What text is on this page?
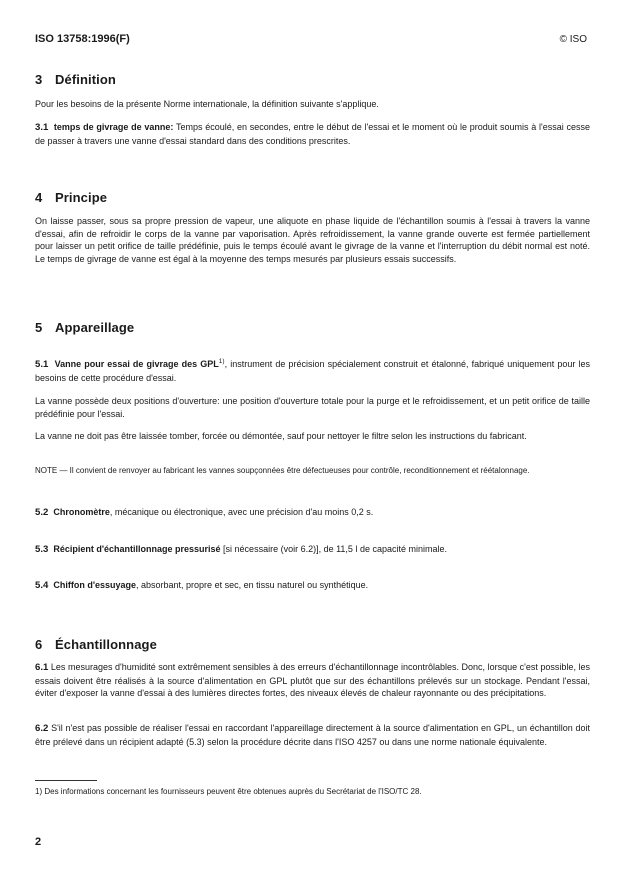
ISO 13758:1996(F)	© ISO
3 Définition
Pour les besoins de la présente Norme internationale, la définition suivante s'applique.
3.1 temps de givrage de vanne: Temps écoulé, en secondes, entre le début de l'essai et le moment où le produit soumis à l'essai cesse de passer à travers une vanne d'essai standard dans des conditions prescrites.
4 Principe
On laisse passer, sous sa propre pression de vapeur, une aliquote en phase liquide de l'échantillon soumis à l'essai à travers la vanne d'essai, afin de refroidir le corps de la vanne par vaporisation. Après refroidissement, la vanne grande ouverte est fermée partiellement pour laisser un petit orifice de taille prédéfinie, puis le temps écoulé avant le givrage de la vanne et l'interruption du débit normal est noté. Le temps de givrage de vanne est égal à la moyenne des temps mesurés par plusieurs essais successifs.
5 Appareillage
5.1 Vanne pour essai de givrage des GPL$^{1)}$, instrument de précision spécialement construit et étalonné, fabriqué uniquement pour les besoins de cette procédure d'essai.
La vanne possède deux positions d'ouverture: une position d'ouverture totale pour la purge et le refroidissement, et un petit orifice de taille prédéfinie pour l'essai.
La vanne ne doit pas être laissée tomber, forcée ou démontée, sauf pour nettoyer le filtre selon les instructions du fabricant.
NOTE — Il convient de renvoyer au fabricant les vannes soupçonnées être défectueuses pour contrôle, reconditionnement et réétalonnage.
5.2 Chronomètre, mécanique ou électronique, avec une précision d'au moins 0,2 s.
5.3 Récipient d'échantillonnage pressurisé [si nécessaire (voir 6.2)], de 11,5 l de capacité minimale.
5.4 Chiffon d'essuyage, absorbant, propre et sec, en tissu naturel ou synthétique.
6 Échantillonnage
6.1 Les mesurages d'humidité sont extrêmement sensibles à des erreurs d'échantillonnage incontrôlables. Donc, lorsque c'est possible, les essais doivent être réalisés à la source d'alimentation en GPL plutôt que sur des échantillons prélevés sur un stockage. Pendant l'essai, éviter d'exposer la vanne d'essai à des lumières directes fortes, des niveaux élevés de chaleur rayonnante ou des précipitations.
6.2 S'il n'est pas possible de réaliser l'essai en raccordant l'appareillage directement à la source d'alimentation en GPL, un échantillon doit être prélevé dans un récipient adapté (5.3) selon la procédure décrite dans l'ISO 4257 ou dans une norme nationale équivalente.
1) Des informations concernant les fournisseurs peuvent être obtenues auprès du Secrétariat de l'ISO/TC 28.
2
